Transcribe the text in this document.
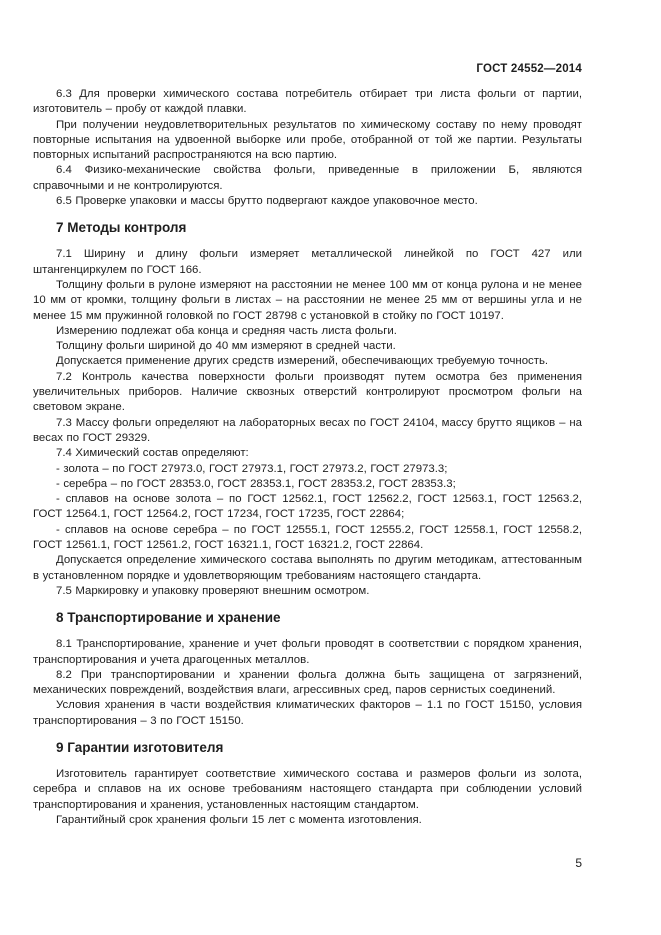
ГОСТ 24552—2014

6.3 Для проверки химического состава потребитель отбирает три листа фольги от партии, изготовитель – пробу от каждой плавки.

При получении неудовлетворительных результатов по химическому составу по нему проводят повторные испытания на удвоенной выборке или пробе, отобранной от той же партии. Результаты повторных испытаний распространяются на всю партию.

6.4 Физико-механические свойства фольги, приведенные в приложении Б, являются справочными и не контролируются.

6.5 Проверке упаковки и массы брутто подвергают каждое упаковочное место.

7 Методы контроля

7.1 Ширину и длину фольги измеряет металлической линейкой по ГОСТ 427 или штангенциркулем по ГОСТ 166.

Толщину фольги в рулоне измеряют на расстоянии не менее 100 мм от конца рулона и не менее 10 мм от кромки, толщину фольги в листах – на расстоянии не менее 25 мм от вершины угла и не менее 15 мм пружинной головкой по ГОСТ 28798 с установкой в стойку по ГОСТ 10197.

Измерению подлежат оба конца и средняя часть листа фольги.

Толщину фольги шириной до 40 мм измеряют в средней части.

Допускается применение других средств измерений, обеспечивающих требуемую точность.

7.2 Контроль качества поверхности фольги производят путем осмотра без применения увеличительных приборов. Наличие сквозных отверстий контролируют просмотром фольги на световом экране.

7.3 Массу фольги определяют на лабораторных весах по ГОСТ 24104, массу брутто ящиков – на весах по ГОСТ 29329.

7.4 Химический состав определяют:

- золота – по ГОСТ 27973.0, ГОСТ 27973.1, ГОСТ 27973.2, ГОСТ 27973.3;

- серебра – по ГОСТ 28353.0, ГОСТ 28353.1, ГОСТ 28353.2, ГОСТ 28353.3;

- сплавов на основе золота – по ГОСТ 12562.1, ГОСТ 12562.2, ГОСТ 12563.1, ГОСТ 12563.2, ГОСТ 12564.1, ГОСТ 12564.2, ГОСТ 17234, ГОСТ 17235, ГОСТ 22864;

- сплавов на основе серебра – по ГОСТ 12555.1, ГОСТ 12555.2, ГОСТ 12558.1, ГОСТ 12558.2, ГОСТ 12561.1, ГОСТ 12561.2, ГОСТ 16321.1, ГОСТ 16321.2, ГОСТ 22864.

Допускается определение химического состава выполнять по другим методикам, аттестованным в установленном порядке и удовлетворяющим требованиям настоящего стандарта.

7.5 Маркировку и упаковку проверяют внешним осмотром.

8 Транспортирование и хранение

8.1 Транспортирование, хранение и учет фольги проводят в соответствии с порядком хранения, транспортирования и учета драгоценных металлов.

8.2 При транспортировании и хранении фольга должна быть защищена от загрязнений, механических повреждений, воздействия влаги, агрессивных сред, паров сернистых соединений.

Условия хранения в части воздействия климатических факторов – 1.1 по ГОСТ 15150, условия транспортирования – 3 по ГОСТ 15150.

9 Гарантии изготовителя

Изготовитель гарантирует соответствие химического состава и размеров фольги из золота, серебра и сплавов на их основе требованиям настоящего стандарта при соблюдении условий транспортирования и хранения, установленных настоящим стандартом.

Гарантийный срок хранения фольги 15 лет с момента изготовления.

5
